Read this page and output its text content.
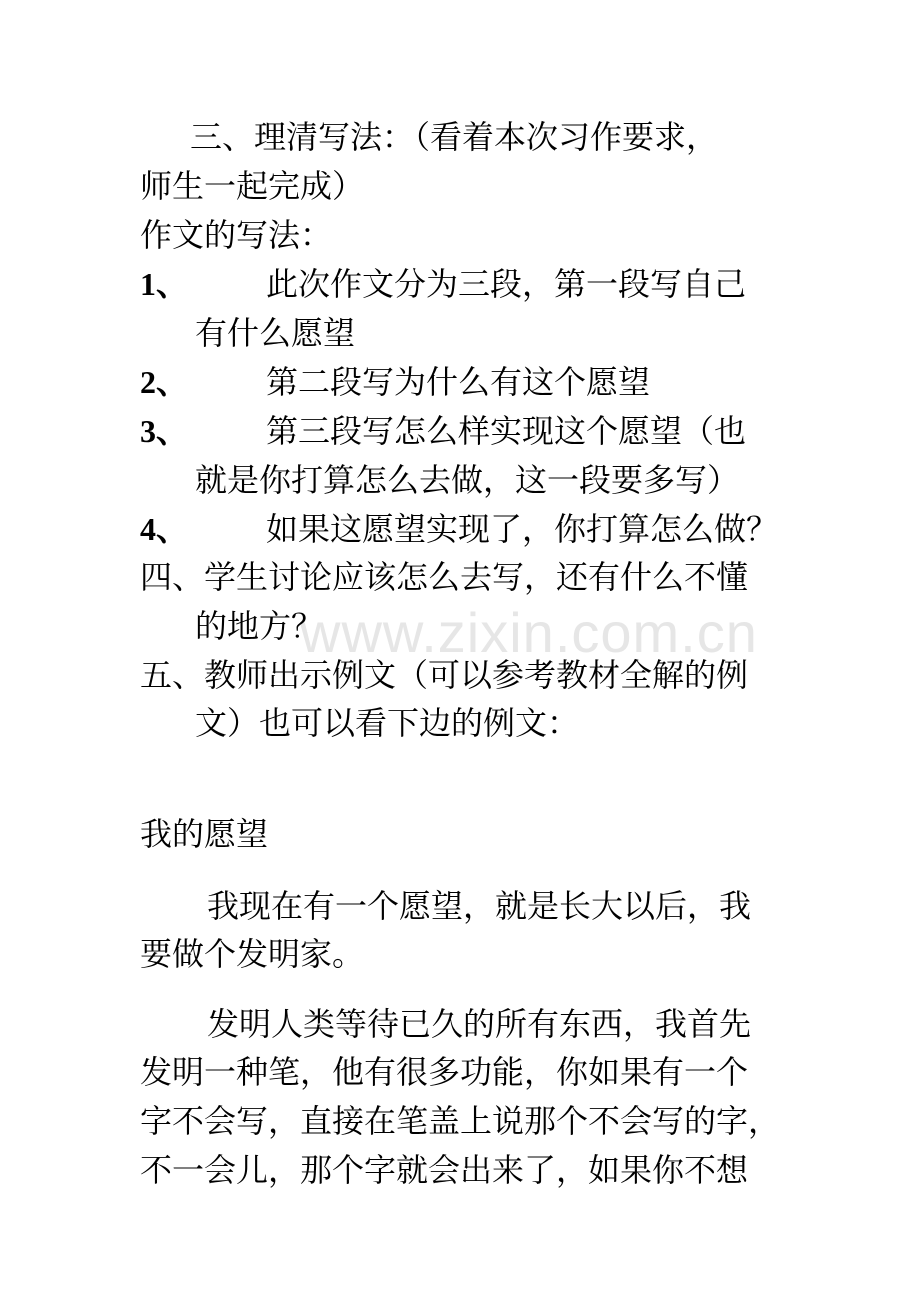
www.zixin.com.cn
三、理清写法：（看着本次习作要求，
师生一起完成）
作文的写法：
1、 此次作文分为三段，第一段写自己
有什么愿望
2、 第二段写为什么有这个愿望
3、 第三段写怎么样实现这个愿望（也
就是你打算怎么去做，这一段要多写）
4、 如果这愿望实现了，你打算怎么做？
四、学生讨论应该怎么去写，还有什么不懂
的地方？
五、教师出示例文（可以参考教材全解的例
文）也可以看下边的例文：
我的愿望
我现在有一个愿望，就是长大以后，我
要做个发明家。
发明人类等待已久的所有东西，我首先
发明一种笔，他有很多功能，你如果有一个
字不会写，直接在笔盖上说那个不会写的字，
不一会儿，那个字就会出来了，如果你不想
